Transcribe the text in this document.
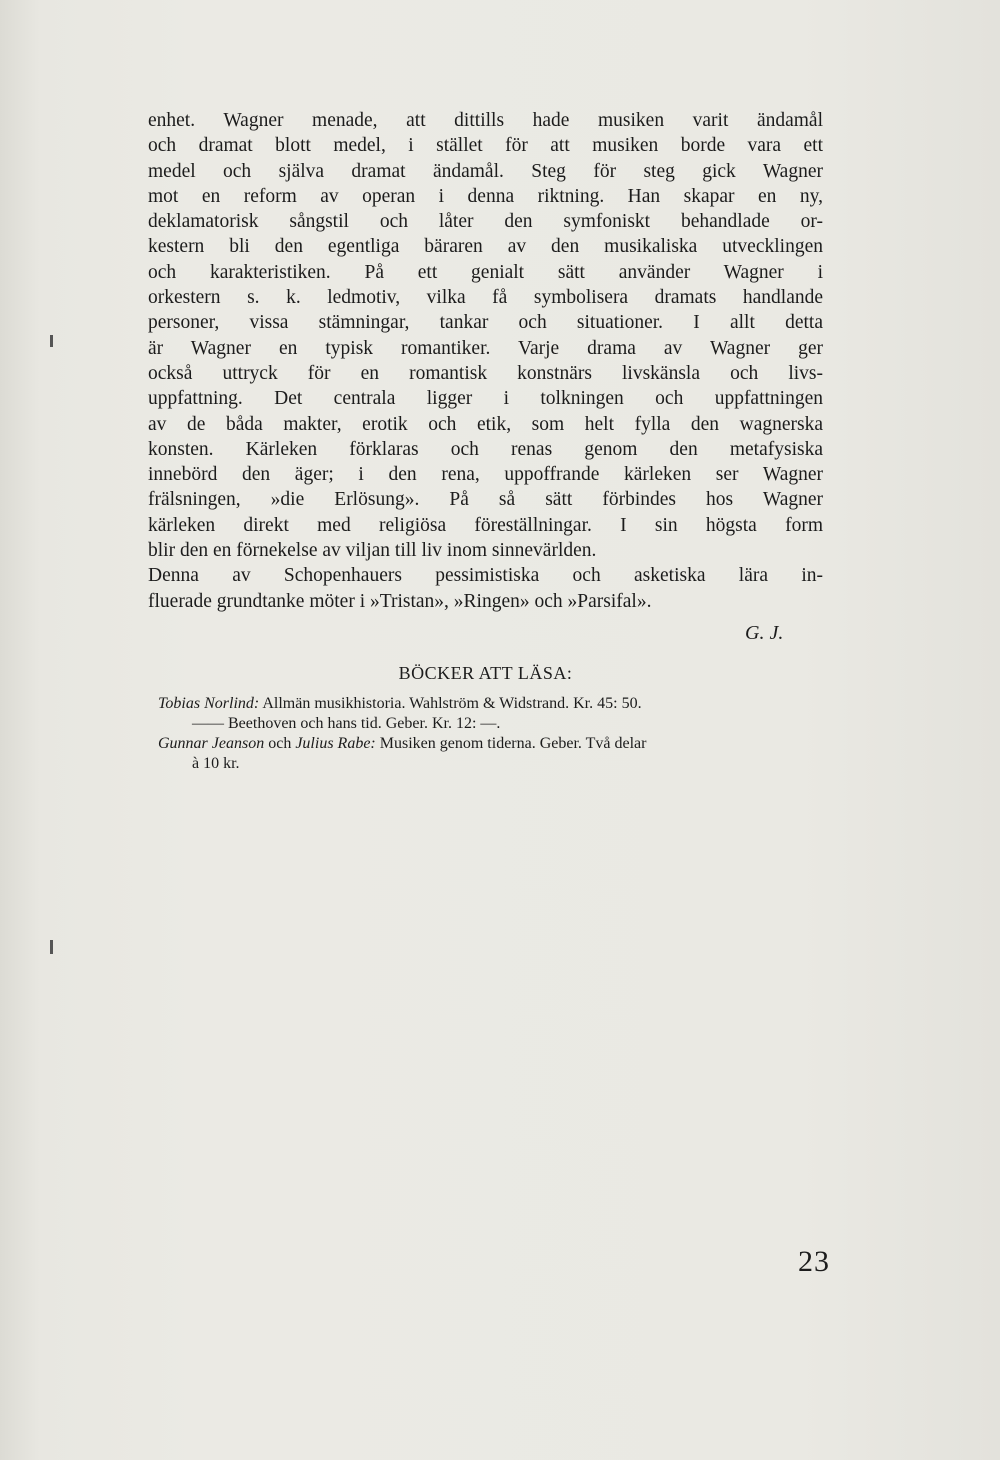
enhet. Wagner menade, att dittills hade musiken varit ändamål
och dramat blott medel, i stället för att musiken borde vara ett
medel och själva dramat ändamål. Steg för steg gick Wagner
mot en reform av operan i denna riktning. Han skapar en ny,
deklamatorisk sångstil och låter den symfoniskt behandlade or-
kestern bli den egentliga bäraren av den musikaliska utvecklingen
och karakteristiken. På ett genialt sätt använder Wagner i
orkestern s. k. ledmotiv, vilka få symbolisera dramats handlande
personer, vissa stämningar, tankar och situationer. I allt detta
är Wagner en typisk romantiker. Varje drama av Wagner ger
också uttryck för en romantisk konstnärs livskänsla och livs-
uppfattning. Det centrala ligger i tolkningen och uppfattningen
av de båda makter, erotik och etik, som helt fylla den wagnerska
konsten. Kärleken förklaras och renas genom den metafysiska
innebörd den äger; i den rena, uppoffrande kärleken ser Wagner
frälsningen, »die Erlösung». På så sätt förbindes hos Wagner
kärleken direkt med religiösa föreställningar. I sin högsta form
blir den en förnekelse av viljan till liv inom sinnevärlden.
Denna av Schopenhauers pessimistiska och asketiska lära in-
fluerade grundtanke möter i »Tristan», »Ringen» och »Parsifal».
G. J.
BÖCKER ATT LÄSA:
Tobias Norlind: Allmän musikhistoria. Wahlström & Widstrand. Kr. 45: 50.
—— Beethoven och hans tid. Geber. Kr. 12: —.
Gunnar Jeanson och Julius Rabe: Musiken genom tiderna. Geber. Två delar
à 10 kr.
23
